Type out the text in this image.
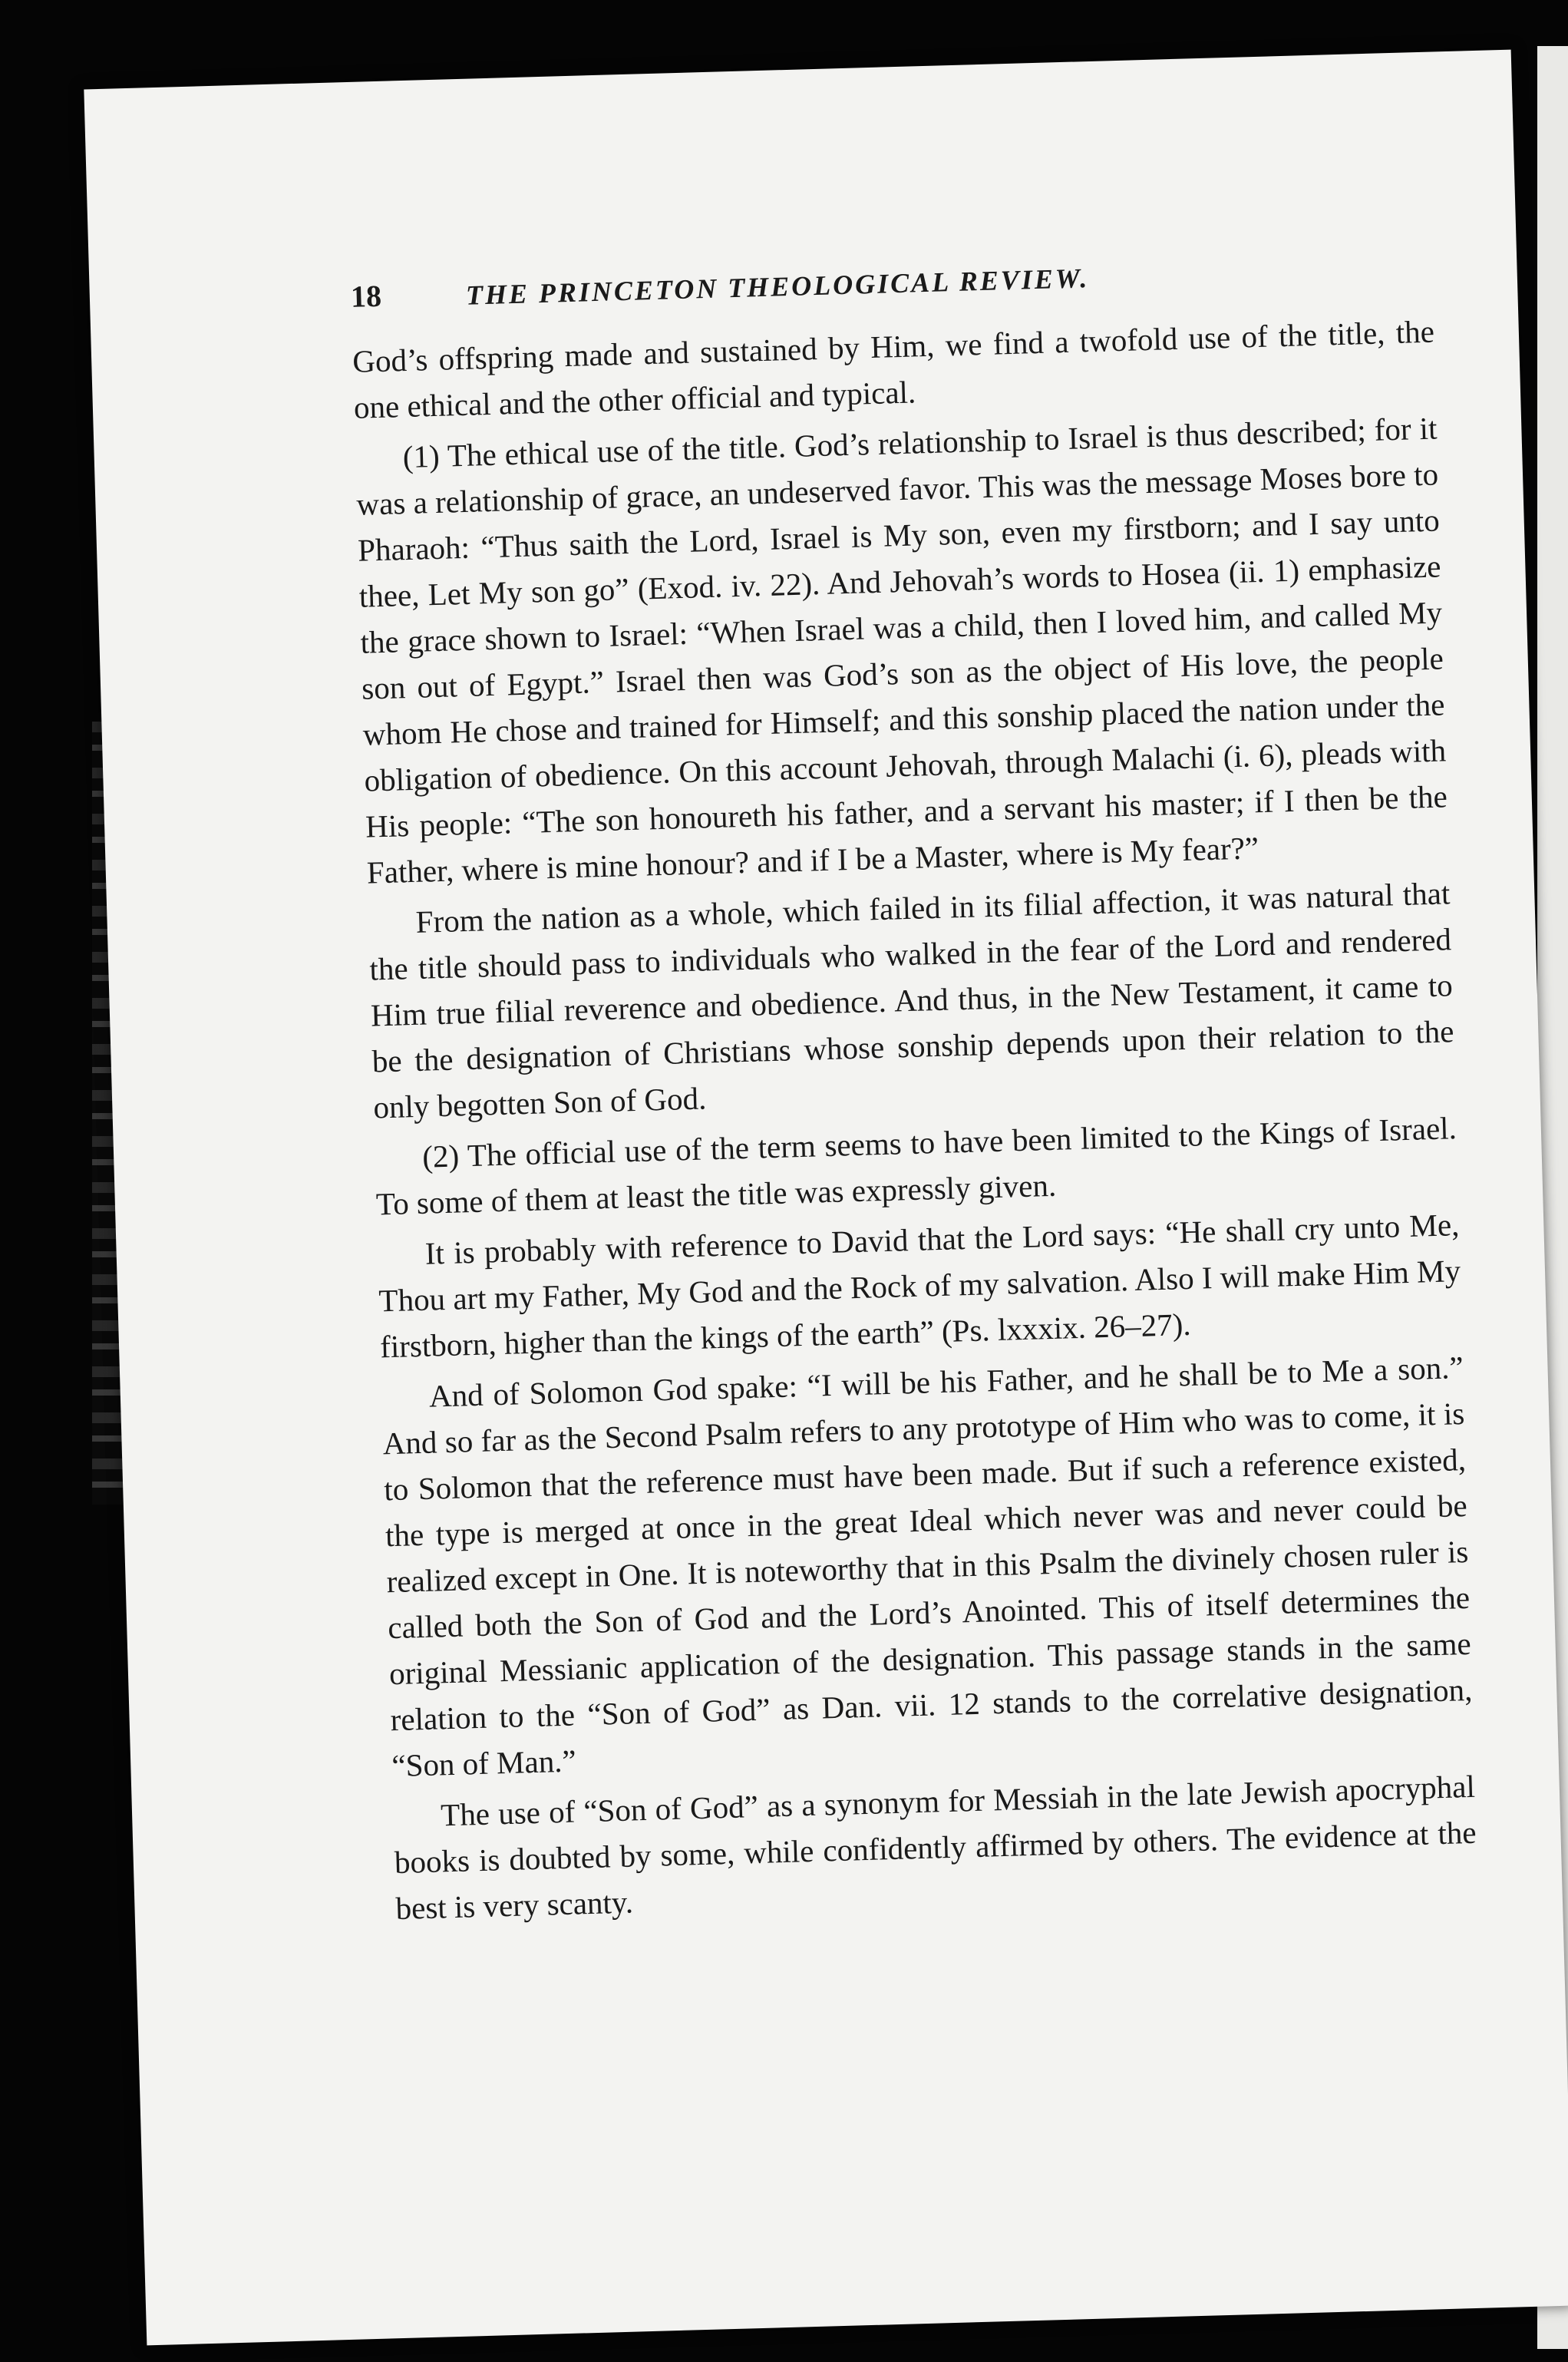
18	THE PRINCETON THEOLOGICAL REVIEW.

God’s offspring made and sustained by Him, we find a twofold use of the title, the one ethical and the other official and typical.

(1) The ethical use of the title. God’s relationship to Israel is thus described; for it was a relationship of grace, an undeserved favor. This was the message Moses bore to Pharaoh: “Thus saith the Lord, Israel is My son, even my firstborn; and I say unto thee, Let My son go” (Exod. iv. 22). And Jehovah’s words to Hosea (ii. 1) emphasize the grace shown to Israel: “When Israel was a child, then I loved him, and called My son out of Egypt.” Israel then was God’s son as the object of His love, the people whom He chose and trained for Himself; and this sonship placed the nation under the obligation of obedience. On this account Jehovah, through Malachi (i. 6), pleads with His people: “The son honoureth his father, and a servant his master; if I then be the Father, where is mine honour? and if I be a Master, where is My fear?”

From the nation as a whole, which failed in its filial affection, it was natural that the title should pass to individuals who walked in the fear of the Lord and rendered Him true filial reverence and obedience. And thus, in the New Testament, it came to be the designation of Christians whose sonship depends upon their relation to the only begotten Son of God.

(2) The official use of the term seems to have been limited to the Kings of Israel. To some of them at least the title was expressly given.

It is probably with reference to David that the Lord says: “He shall cry unto Me, Thou art my Father, My God and the Rock of my salvation. Also I will make Him My firstborn, higher than the kings of the earth” (Ps. lxxxix. 26–27).

And of Solomon God spake: “I will be his Father, and he shall be to Me a son.” And so far as the Second Psalm refers to any prototype of Him who was to come, it is to Solomon that the reference must have been made. But if such a reference existed, the type is merged at once in the great Ideal which never was and never could be realized except in One. It is noteworthy that in this Psalm the divinely chosen ruler is called both the Son of God and the Lord’s Anointed. This of itself determines the original Messianic application of the designation. This passage stands in the same relation to the “Son of God” as Dan. vii. 12 stands to the correlative designation, “Son of Man.”

The use of “Son of God” as a synonym for Messiah in the late Jewish apocryphal books is doubted by some, while confidently affirmed by others. The evidence at the best is very scanty.
